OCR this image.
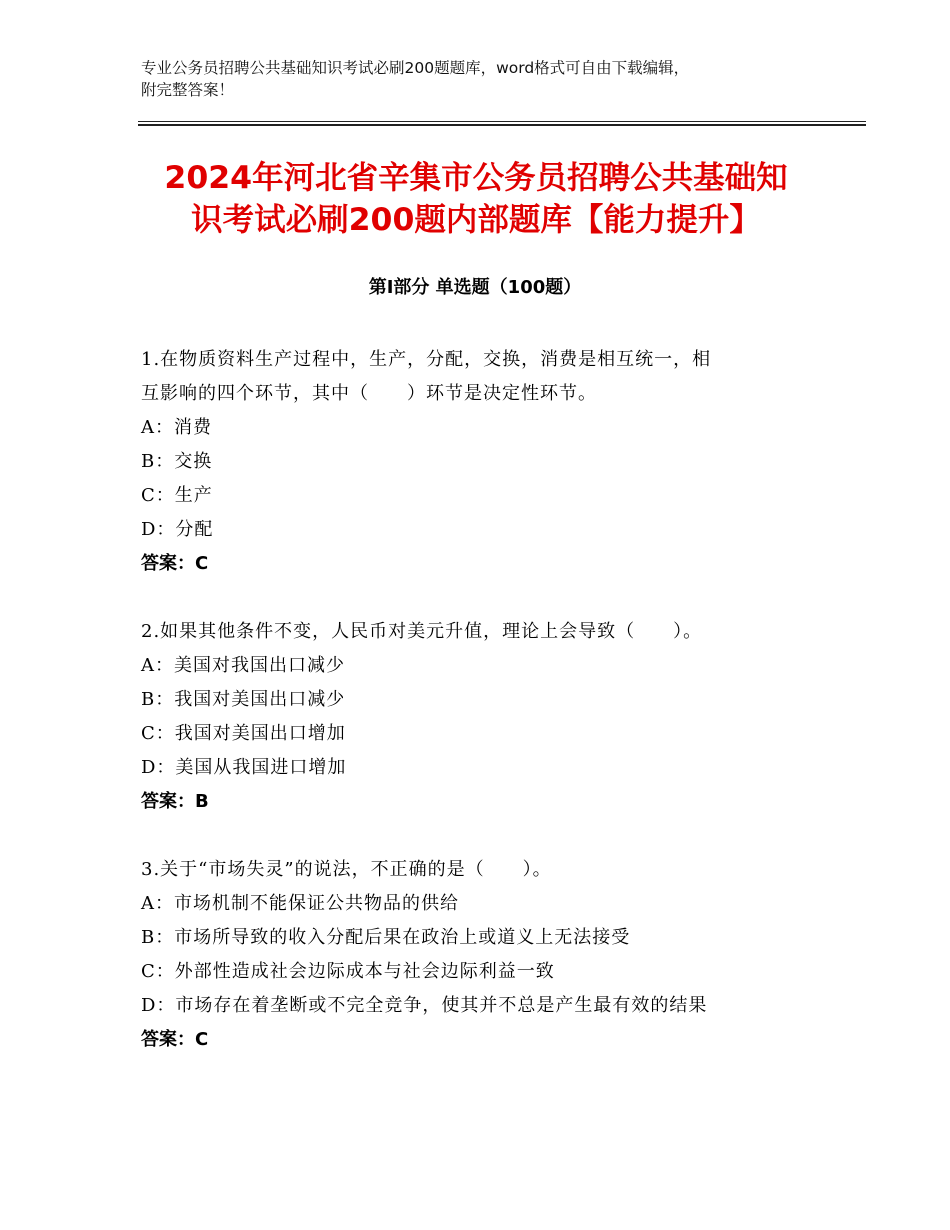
专业公务员招聘公共基础知识考试必刷200题题库，word格式可自由下载编辑，
附完整答案！
2024年河北省辛集市公务员招聘公共基础知
识考试必刷200题内部题库【能力提升】
第Ⅰ部分 单选题（100题）
1.在物质资料生产过程中，生产，分配，交换，消费是相互统一，相
互影响的四个环节，其中（　　）环节是决定性环节。
A：消费
B：交换
C：生产
D：分配
答案：C
2.如果其他条件不变，人民币对美元升值，理论上会导致（　　）。
A：美国对我国出口减少
B：我国对美国出口减少
C：我国对美国出口增加
D：美国从我国进口增加
答案：B
3.关于“市场失灵”的说法，不正确的是（　　）。
A：市场机制不能保证公共物品的供给
B：市场所导致的收入分配后果在政治上或道义上无法接受
C：外部性造成社会边际成本与社会边际利益一致
D：市场存在着垄断或不完全竞争，使其并不总是产生最有效的结果
答案：C
